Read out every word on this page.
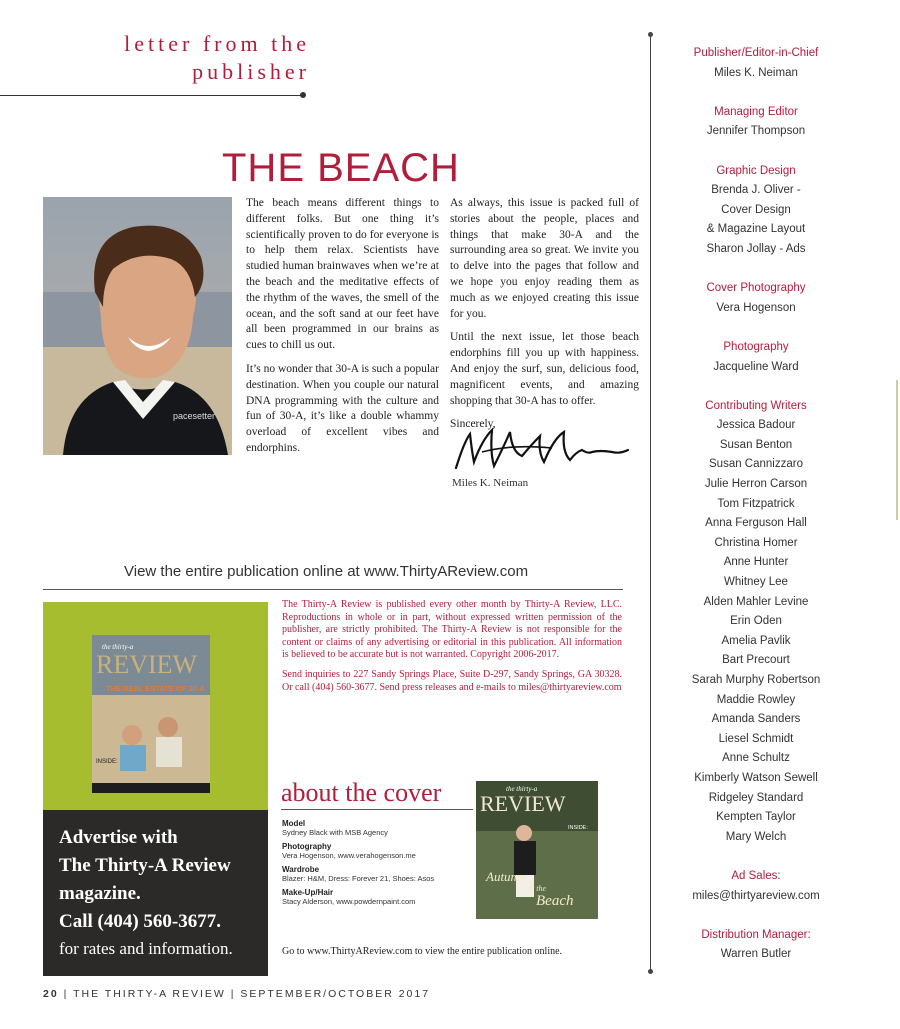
letter from the
publisher
THE BEACH
pacesetter

The beach means different things to different folks. But one thing it’s scientifically proven to do for everyone is to help them relax. Scientists have studied human brainwaves when we’re at the beach and the meditative effects of the rhythm of the waves, the smell of the ocean, and the soft sand at our feet have all been programmed in our brains as cues to chill us out.

It’s no wonder that 30-A is such a popular destination. When you couple our natural DNA programming with the culture and fun of 30-A, it’s like a double whammy overload of excellent vibes and endorphins.

As always, this issue is packed full of stories about the people, places and things that make 30-A and the surrounding area so great. We invite you to delve into the pages that follow and we hope you enjoy reading them as much as we enjoyed creating this issue for you.

Until the next issue, let those beach endorphins fill you up with happiness. And enjoy the surf, sun, delicious food, magnificent events, and amazing shopping that 30-A has to offer.

Sincerely,

Miles K. Neiman
View the entire publication online at www.ThirtyAReview.com
the thirty-a
REVIEW
THE REAL ESTATE OF 30-A
INSIDE:
Advertise with
The Thirty-A Review
magazine.
Call (404) 560-3677.
for rates and information.

The Thirty-A Review is published every other month by Thirty-A Review, LLC. Reproductions in whole or in part, without expressed written permission of the publisher, are strictly prohibited. The Thirty-A Review is not responsible for the content or claims of any advertising or editorial in this publication. All information is believed to be accurate but is not warranted. Copyright 2006-2017.

Send inquiries to 227 Sandy Springs Place, Suite D-297, Sandy Springs, GA 30328. Or call (404) 560-3677. Send press releases and e-mails to miles@thirtyareview.com

about the cover
Model
Sydney Black with MSB Agency
Photography
Vera Hogenson, www.verahogenson.me
Wardrobe
Blazer: H&M, Dress: Forever 21, Shoes: Asos
Make-Up/Hair
Stacy Alderson, www.powdernpaint.com
the thirty-a
REVIEW
INSIDE:
Autumn
at the
Beach
Go to www.ThirtyAReview.com to view the entire publication online.
20 | THE THIRTY-A REVIEW | SEPTEMBER/OCTOBER 2017
Publisher/Editor-in-Chief
Miles K. Neiman
Managing Editor
Jennifer Thompson
Graphic Design
Brenda J. Oliver -
Cover Design
& Magazine Layout
Sharon Jollay - Ads
Cover Photography
Vera Hogenson
Photography
Jacqueline Ward
Contributing Writers
Jessica Badour
Susan Benton
Susan Cannizzaro
Julie Herron Carson
Tom Fitzpatrick
Anna Ferguson Hall
Christina Homer
Anne Hunter
Whitney Lee
Alden Mahler Levine
Erin Oden
Amelia Pavlik
Bart Precourt
Sarah Murphy Robertson
Maddie Rowley
Amanda Sanders
Liesel Schmidt
Anne Schultz
Kimberly Watson Sewell
Ridgeley Standard
Kempten Taylor
Mary Welch
Ad Sales:
miles@thirtyareview.com
Distribution Manager:
Warren Butler
